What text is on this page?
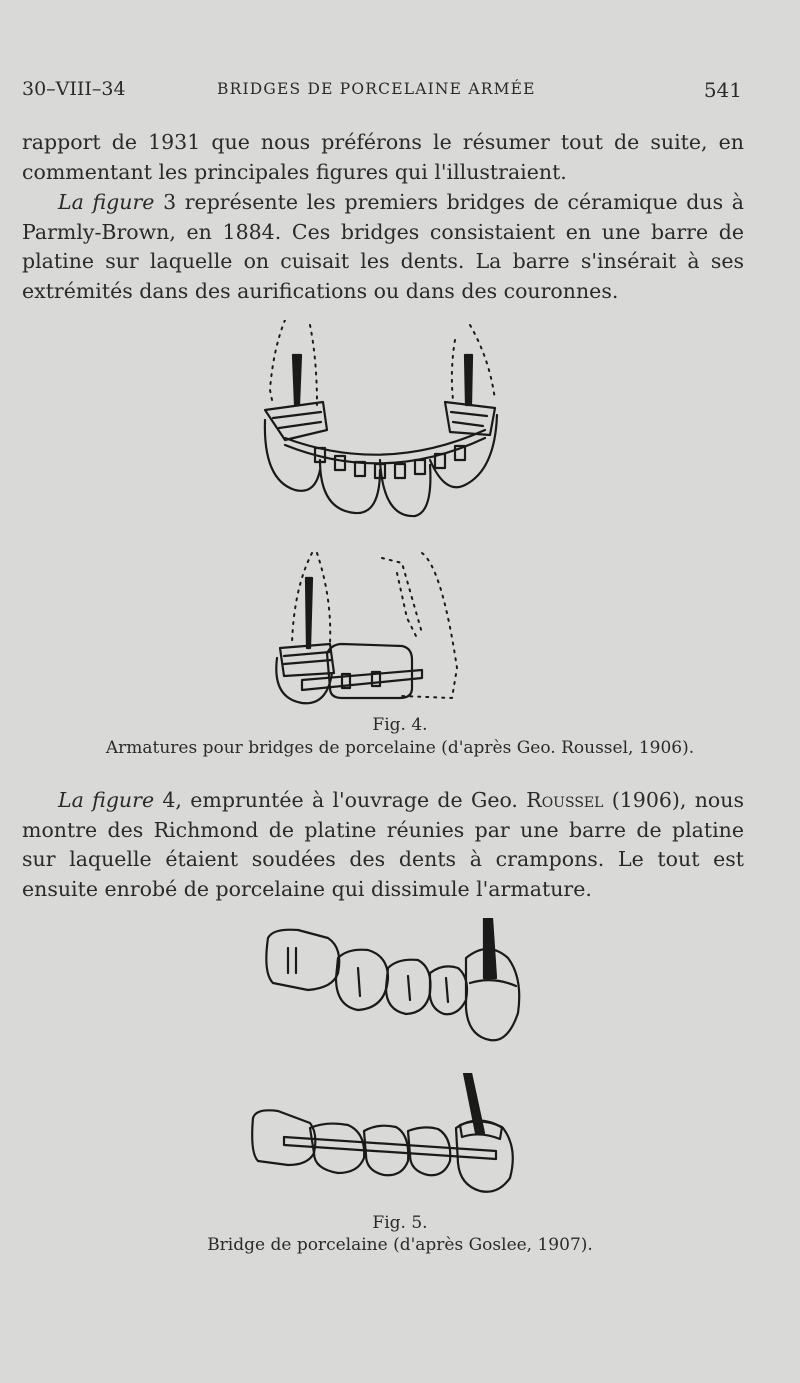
30–VIII–34	BRIDGES DE PORCELAINE ARMÉE	541

rapport de 1931 que nous préférons le résumer tout de suite, en commentant les principales figures qui l'illustraient.

La figure 3 représente les premiers bridges de céramique dus à Parmly-Brown, en 1884. Ces bridges consistaient en une barre de platine sur laquelle on cuisait les dents. La barre s'insérait à ses extrémités dans des aurifications ou dans des couronnes.

Fig. 4.
Armatures pour bridges de porcelaine (d'après Geo. Roussel, 1906).

La figure 4, empruntée à l'ouvrage de Geo. Roussel (1906), nous montre des Richmond de platine réunies par une barre de platine sur laquelle étaient soudées des dents à crampons. Le tout est ensuite enrobé de porcelaine qui dissimule l'armature.

Fig. 5.
Bridge de porcelaine (d'après Goslee, 1907).
